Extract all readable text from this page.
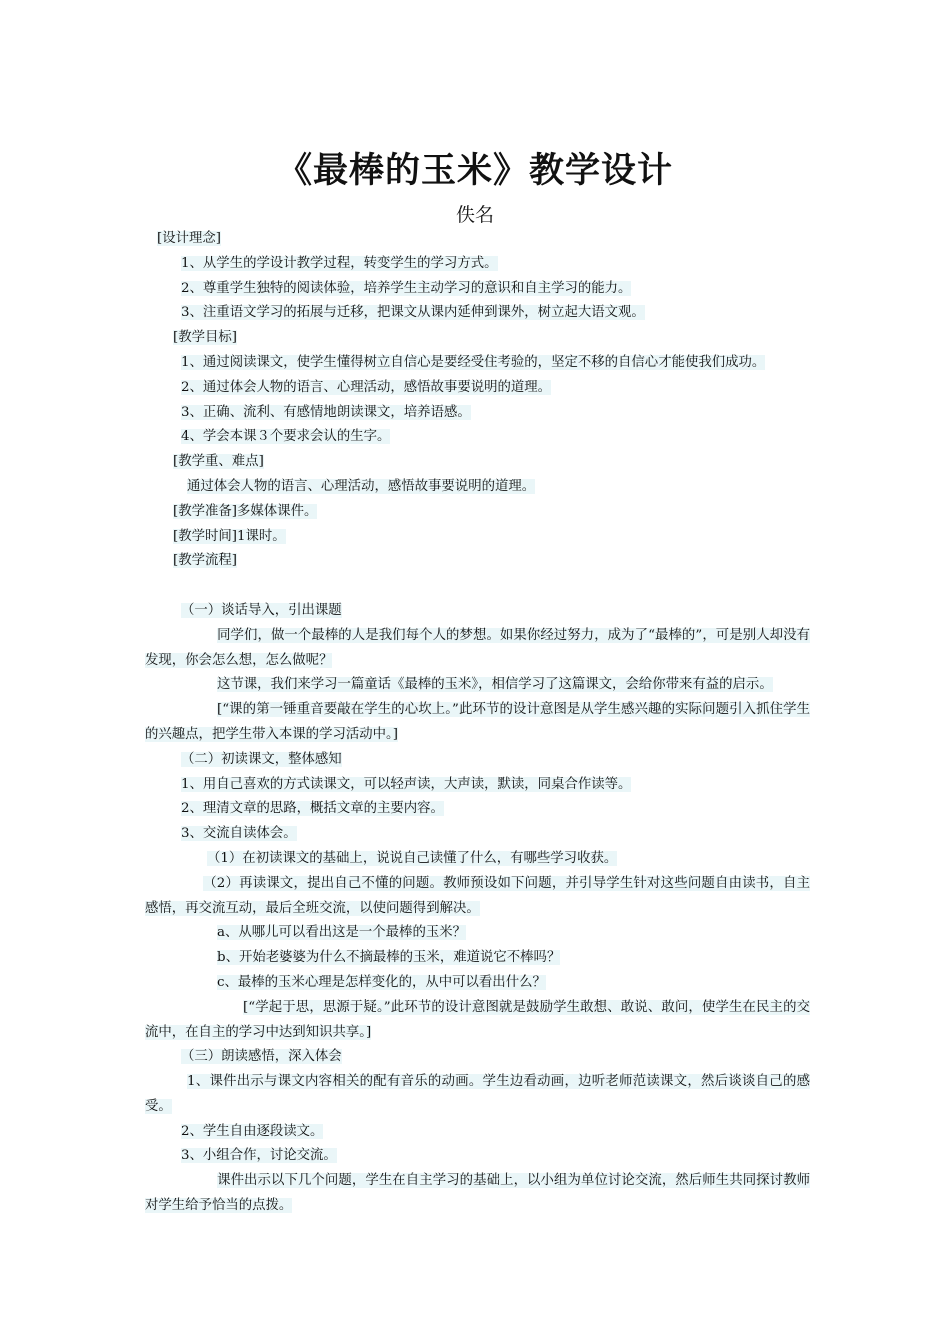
《最棒的玉米》教学设计
佚名
[设计理念]
1、从学生的学设计教学过程，转变学生的学习方式。
2、尊重学生独特的阅读体验，培养学生主动学习的意识和自主学习的能力。
3、注重语文学习的拓展与迁移，把课文从课内延伸到课外，树立起大语文观。
[教学目标]
1、通过阅读课文，使学生懂得树立自信心是要经受住考验的，坚定不移的自信心才能使我们成功。
2、通过体会人物的语言、心理活动，感悟故事要说明的道理。
3、正确、流利、有感情地朗读课文，培养语感。
4、学会本课３个要求会认的生字。
[教学重、难点]
通过体会人物的语言、心理活动，感悟故事要说明的道理。
[教学准备]多媒体课件。
[教学时间]1课时。
[教学流程]
（一）谈话导入，引出课题
同学们，做一个最棒的人是我们每个人的梦想。如果你经过努力，成为了“最棒的”，可是别人却没有发现，你会怎么想，怎么做呢？
这节课，我们来学习一篇童话《最棒的玉米》，相信学习了这篇课文，会给你带来有益的启示。
[“课的第一锤重音要敲在学生的心坎上。”此环节的设计意图是从学生感兴趣的实际问题引入抓住学生的兴趣点，把学生带入本课的学习活动中。]
（二）初读课文，整体感知
1、用自己喜欢的方式读课文，可以轻声读，大声读，默读，同桌合作读等。
2、理清文章的思路，概括文章的主要内容。
3、交流自读体会。
（1）在初读课文的基础上，说说自己读懂了什么，有哪些学习收获。
（2）再读课文，提出自己不懂的问题。教师预设如下问题，并引导学生针对这些问题自由读书，自主感悟，再交流互动，最后全班交流，以使问题得到解决。
a、从哪儿可以看出这是一个最棒的玉米？
b、开始老婆婆为什么不摘最棒的玉米，难道说它不棒吗？
c、最棒的玉米心理是怎样变化的，从中可以看出什么？
[“学起于思，思源于疑。”此环节的设计意图就是鼓励学生敢想、敢说、敢问，使学生在民主的交流中，在自主的学习中达到知识共享。]
（三）朗读感悟，深入体会
1、课件出示与课文内容相关的配有音乐的动画。学生边看动画，边听老师范读课文，然后谈谈自己的感受。
2、学生自由逐段读文。
3、小组合作，讨论交流。
课件出示以下几个问题，学生在自主学习的基础上，以小组为单位讨论交流，然后师生共同探讨教师对学生给予恰当的点拨。
